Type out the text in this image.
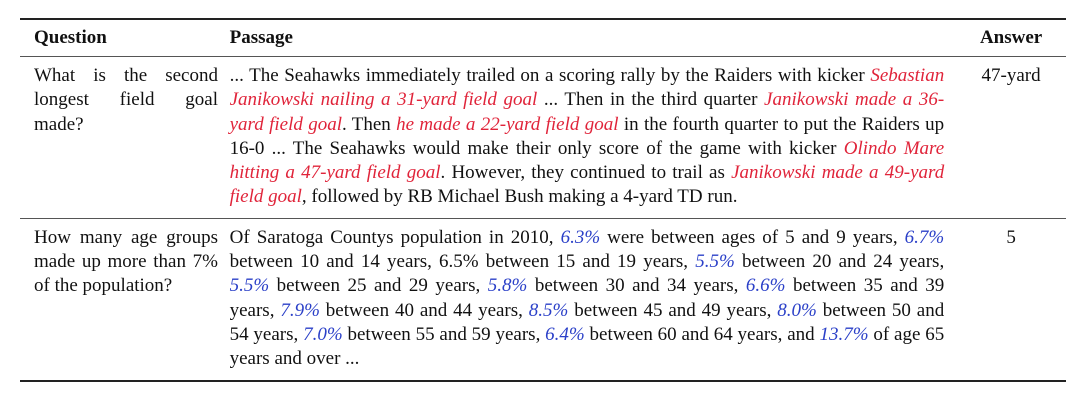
Question	Passage	Answer
What is the second longest field goal made?
... The Seahawks immediately trailed on a scoring rally by the Raiders with kicker Sebastian Janikowski nailing a 31-yard field goal ... Then in the third quarter Janikowski made a 36-yard field goal. Then he made a 22-yard field goal in the fourth quarter to put the Raiders up 16-0 ... The Seahawks would make their only score of the game with kicker Olindo Mare hitting a 47-yard field goal. However, they continued to trail as Janikowski made a 49-yard field goal, followed by RB Michael Bush making a 4-yard TD run.
47-yard
How many age groups made up more than 7% of the population?
Of Saratoga Countys population in 2010, 6.3% were between ages of 5 and 9 years, 6.7% between 10 and 14 years, 6.5% between 15 and 19 years, 5.5% between 20 and 24 years, 5.5% between 25 and 29 years, 5.8% between 30 and 34 years, 6.6% between 35 and 39 years, 7.9% between 40 and 44 years, 8.5% between 45 and 49 years, 8.0% between 50 and 54 years, 7.0% between 55 and 59 years, 6.4% between 60 and 64 years, and 13.7% of age 65 years and over ...
5
